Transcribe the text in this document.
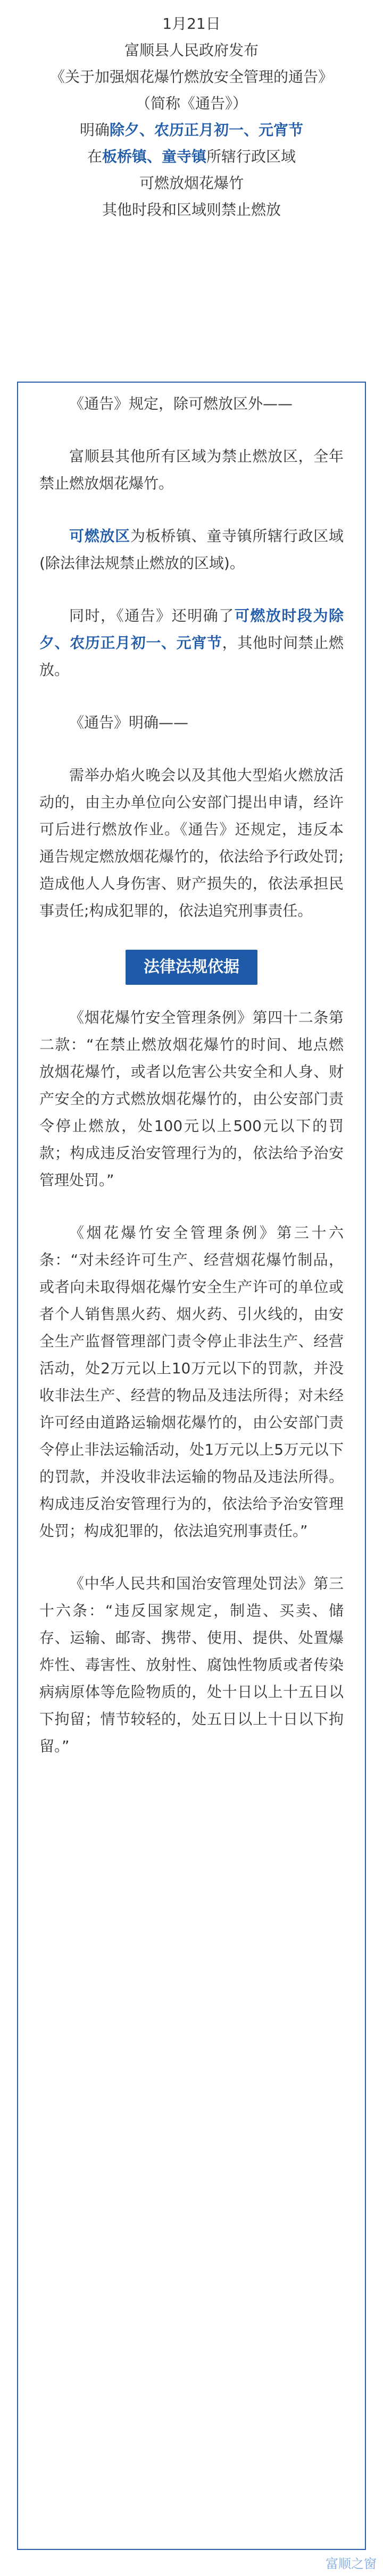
1月21日
富顺县人民政府发布
《关于加强烟花爆竹燃放安全管理的通告》
（简称《通告》）
明确除夕、农历正月初一、元宵节
在板桥镇、童寺镇所辖行政区域
可燃放烟花爆竹
其他时段和区域则禁止燃放

《通告》规定，除可燃放区外——

富顺县其他所有区域为禁止燃放区，全年禁止燃放烟花爆竹。

可燃放区为板桥镇、童寺镇所辖行政区域(除法律法规禁止燃放的区域)。

同时，《通告》还明确了可燃放时段为除夕、农历正月初一、元宵节，其他时间禁止燃放。

《通告》明确——

需举办焰火晚会以及其他大型焰火燃放活动的，由主办单位向公安部门提出申请，经许可后进行燃放作业。《通告》还规定，违反本通告规定燃放烟花爆竹的，依法给予行政处罚;造成他人人身伤害、财产损失的，依法承担民事责任;构成犯罪的，依法追究刑事责任。

法律法规依据

《烟花爆竹安全管理条例》第四十二条第二款：“在禁止燃放烟花爆竹的时间、地点燃放烟花爆竹，或者以危害公共安全和人身、财产安全的方式燃放烟花爆竹的，由公安部门责令停止燃放，处100元以上500元以下的罚款；构成违反治安管理行为的，依法给予治安管理处罚。”

《烟花爆竹安全管理条例》第三十六条：“对未经许可生产、经营烟花爆竹制品，或者向未取得烟花爆竹安全生产许可的单位或者个人销售黑火药、烟火药、引火线的，由安全生产监督管理部门责令停止非法生产、经营活动，处2万元以上10万元以下的罚款，并没收非法生产、经营的物品及违法所得；对未经许可经由道路运输烟花爆竹的，由公安部门责令停止非法运输活动，处1万元以上5万元以下的罚款，并没收非法运输的物品及违法所得。构成违反治安管理行为的，依法给予治安管理处罚；构成犯罪的，依法追究刑事责任。”

《中华人民共和国治安管理处罚法》第三十六条：“违反国家规定，制造、买卖、储存、运输、邮寄、携带、使用、提供、处置爆炸性、毒害性、放射性、腐蚀性物质或者传染病病原体等危险物质的，处十日以上十五日以下拘留；情节较轻的，处五日以上十日以下拘留。”

富顺之窗
